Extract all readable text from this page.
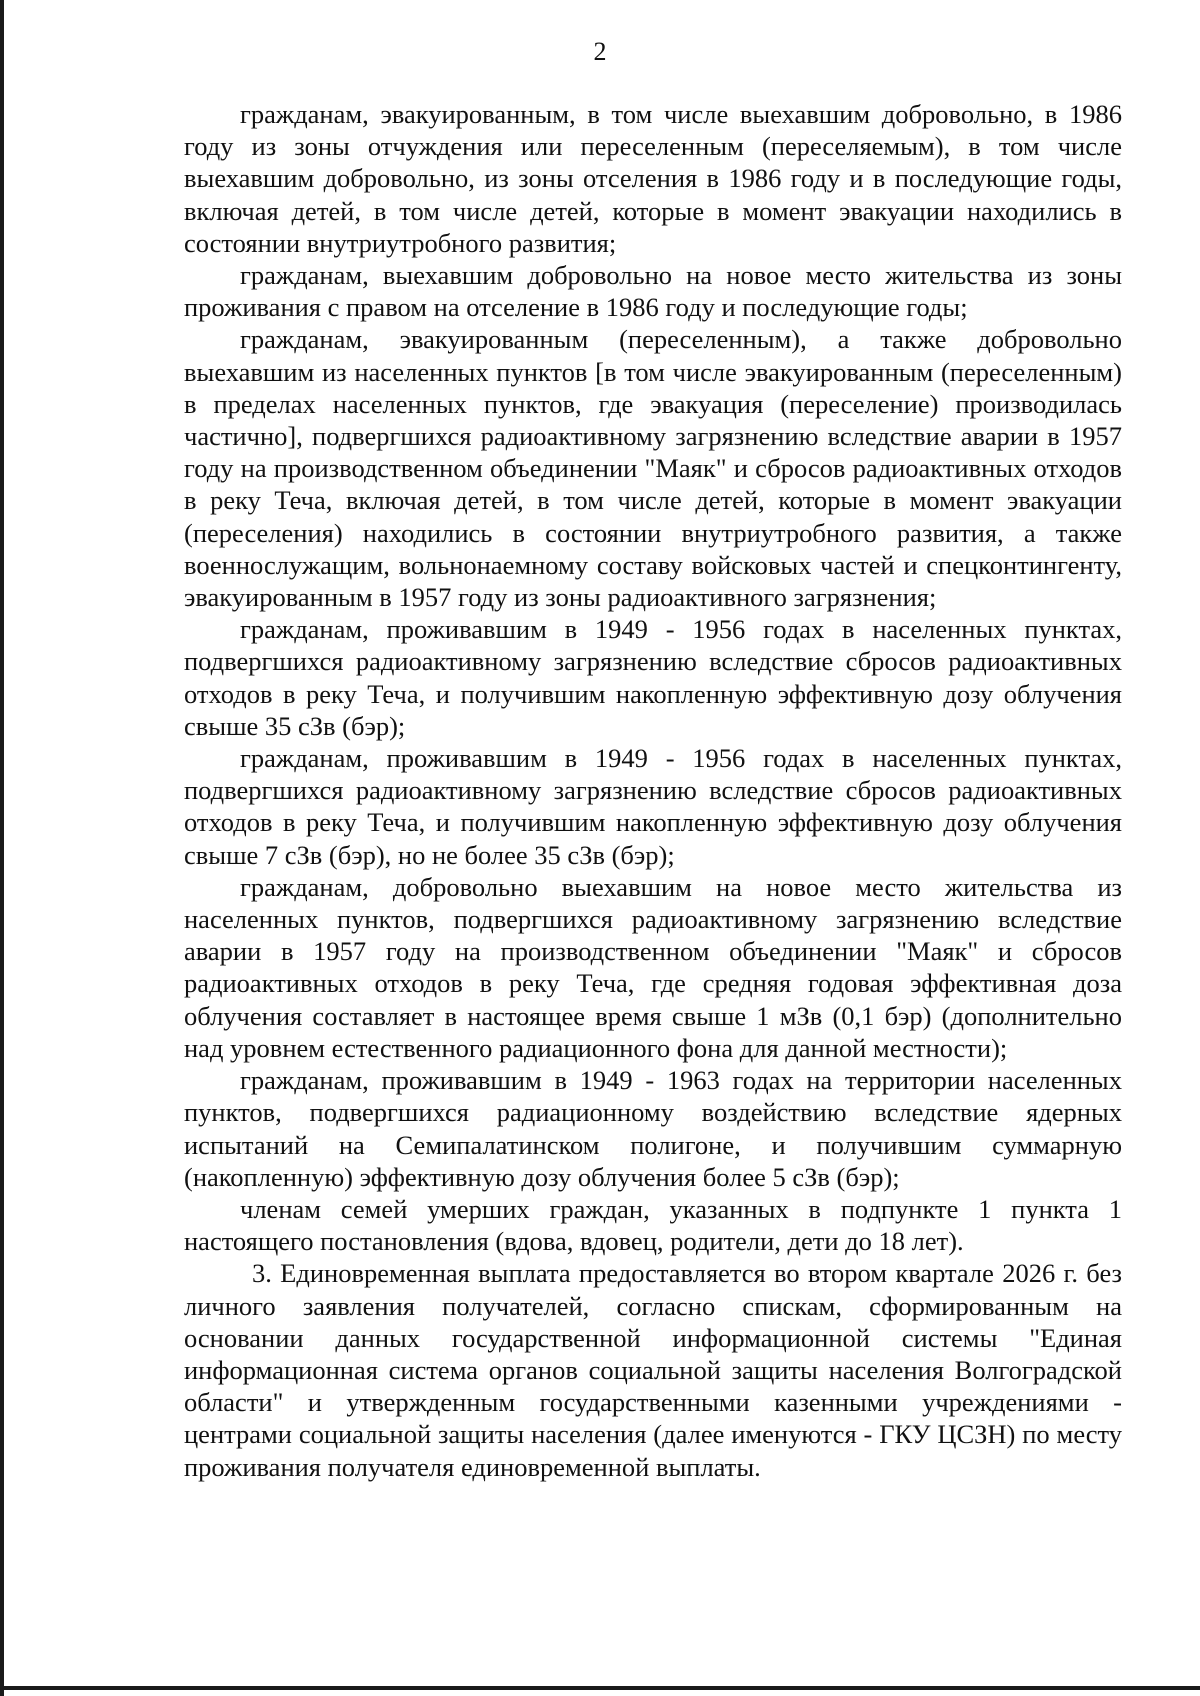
2

гражданам, эвакуированным, в том числе выехавшим добровольно, в 1986 году из зоны отчуждения или переселенным (переселяемым), в том числе выехавшим добровольно, из зоны отселения в 1986 году и в последующие годы, включая детей, в том числе детей, которые в момент эвакуации находились в состоянии внутриутробного развития;

гражданам, выехавшим добровольно на новое место жительства из зоны проживания с правом на отселение в 1986 году и последующие годы;

гражданам, эвакуированным (переселенным), а также добровольно выехавшим из населенных пунктов [в том числе эвакуированным (переселенным) в пределах населенных пунктов, где эвакуация (переселение) производилась частично], подвергшихся радиоактивному загрязнению вследствие аварии в 1957 году на производственном объединении "Маяк" и сбросов радиоактивных отходов в реку Теча, включая детей, в том числе детей, которые в момент эвакуации (переселения) находились в состоянии внутриутробного развития, а также военнослужащим, вольнонаемному составу войсковых частей и спецконтингенту, эвакуированным в 1957 году из зоны радиоактивного загрязнения;

гражданам, проживавшим в 1949 - 1956 годах в населенных пунктах, подвергшихся радиоактивному загрязнению вследствие сбросов радиоактивных отходов в реку Теча, и получившим накопленную эффективную дозу облучения свыше 35 сЗв (бэр);

гражданам, проживавшим в 1949 - 1956 годах в населенных пунктах, подвергшихся радиоактивному загрязнению вследствие сбросов радиоактивных отходов в реку Теча, и получившим накопленную эффективную дозу облучения свыше 7 сЗв (бэр), но не более 35 сЗв (бэр);

гражданам, добровольно выехавшим на новое место жительства из населенных пунктов, подвергшихся радиоактивному загрязнению вследствие аварии в 1957 году на производственном объединении "Маяк" и сбросов радиоактивных отходов в реку Теча, где средняя годовая эффективная доза облучения составляет в настоящее время свыше 1 мЗв (0,1 бэр) (дополнительно над уровнем естественного радиационного фона для данной местности);

гражданам, проживавшим в 1949 - 1963 годах на территории населенных пунктов, подвергшихся радиационному воздействию вследствие ядерных испытаний на Семипалатинском полигоне, и получившим суммарную (накопленную) эффективную дозу облучения более 5 сЗв (бэр);

членам семей умерших граждан, указанных в подпункте 1 пункта 1 настоящего постановления (вдова, вдовец, родители, дети до 18 лет).

3. Единовременная выплата предоставляется во втором квартале 2026 г. без личного заявления получателей, согласно спискам, сформированным на основании данных государственной информационной системы "Единая информационная система органов социальной защиты населения Волгоградской области" и утвержденным государственными казенными учреждениями - центрами социальной защиты населения (далее именуются - ГКУ ЦСЗН) по месту проживания получателя единовременной выплаты.
